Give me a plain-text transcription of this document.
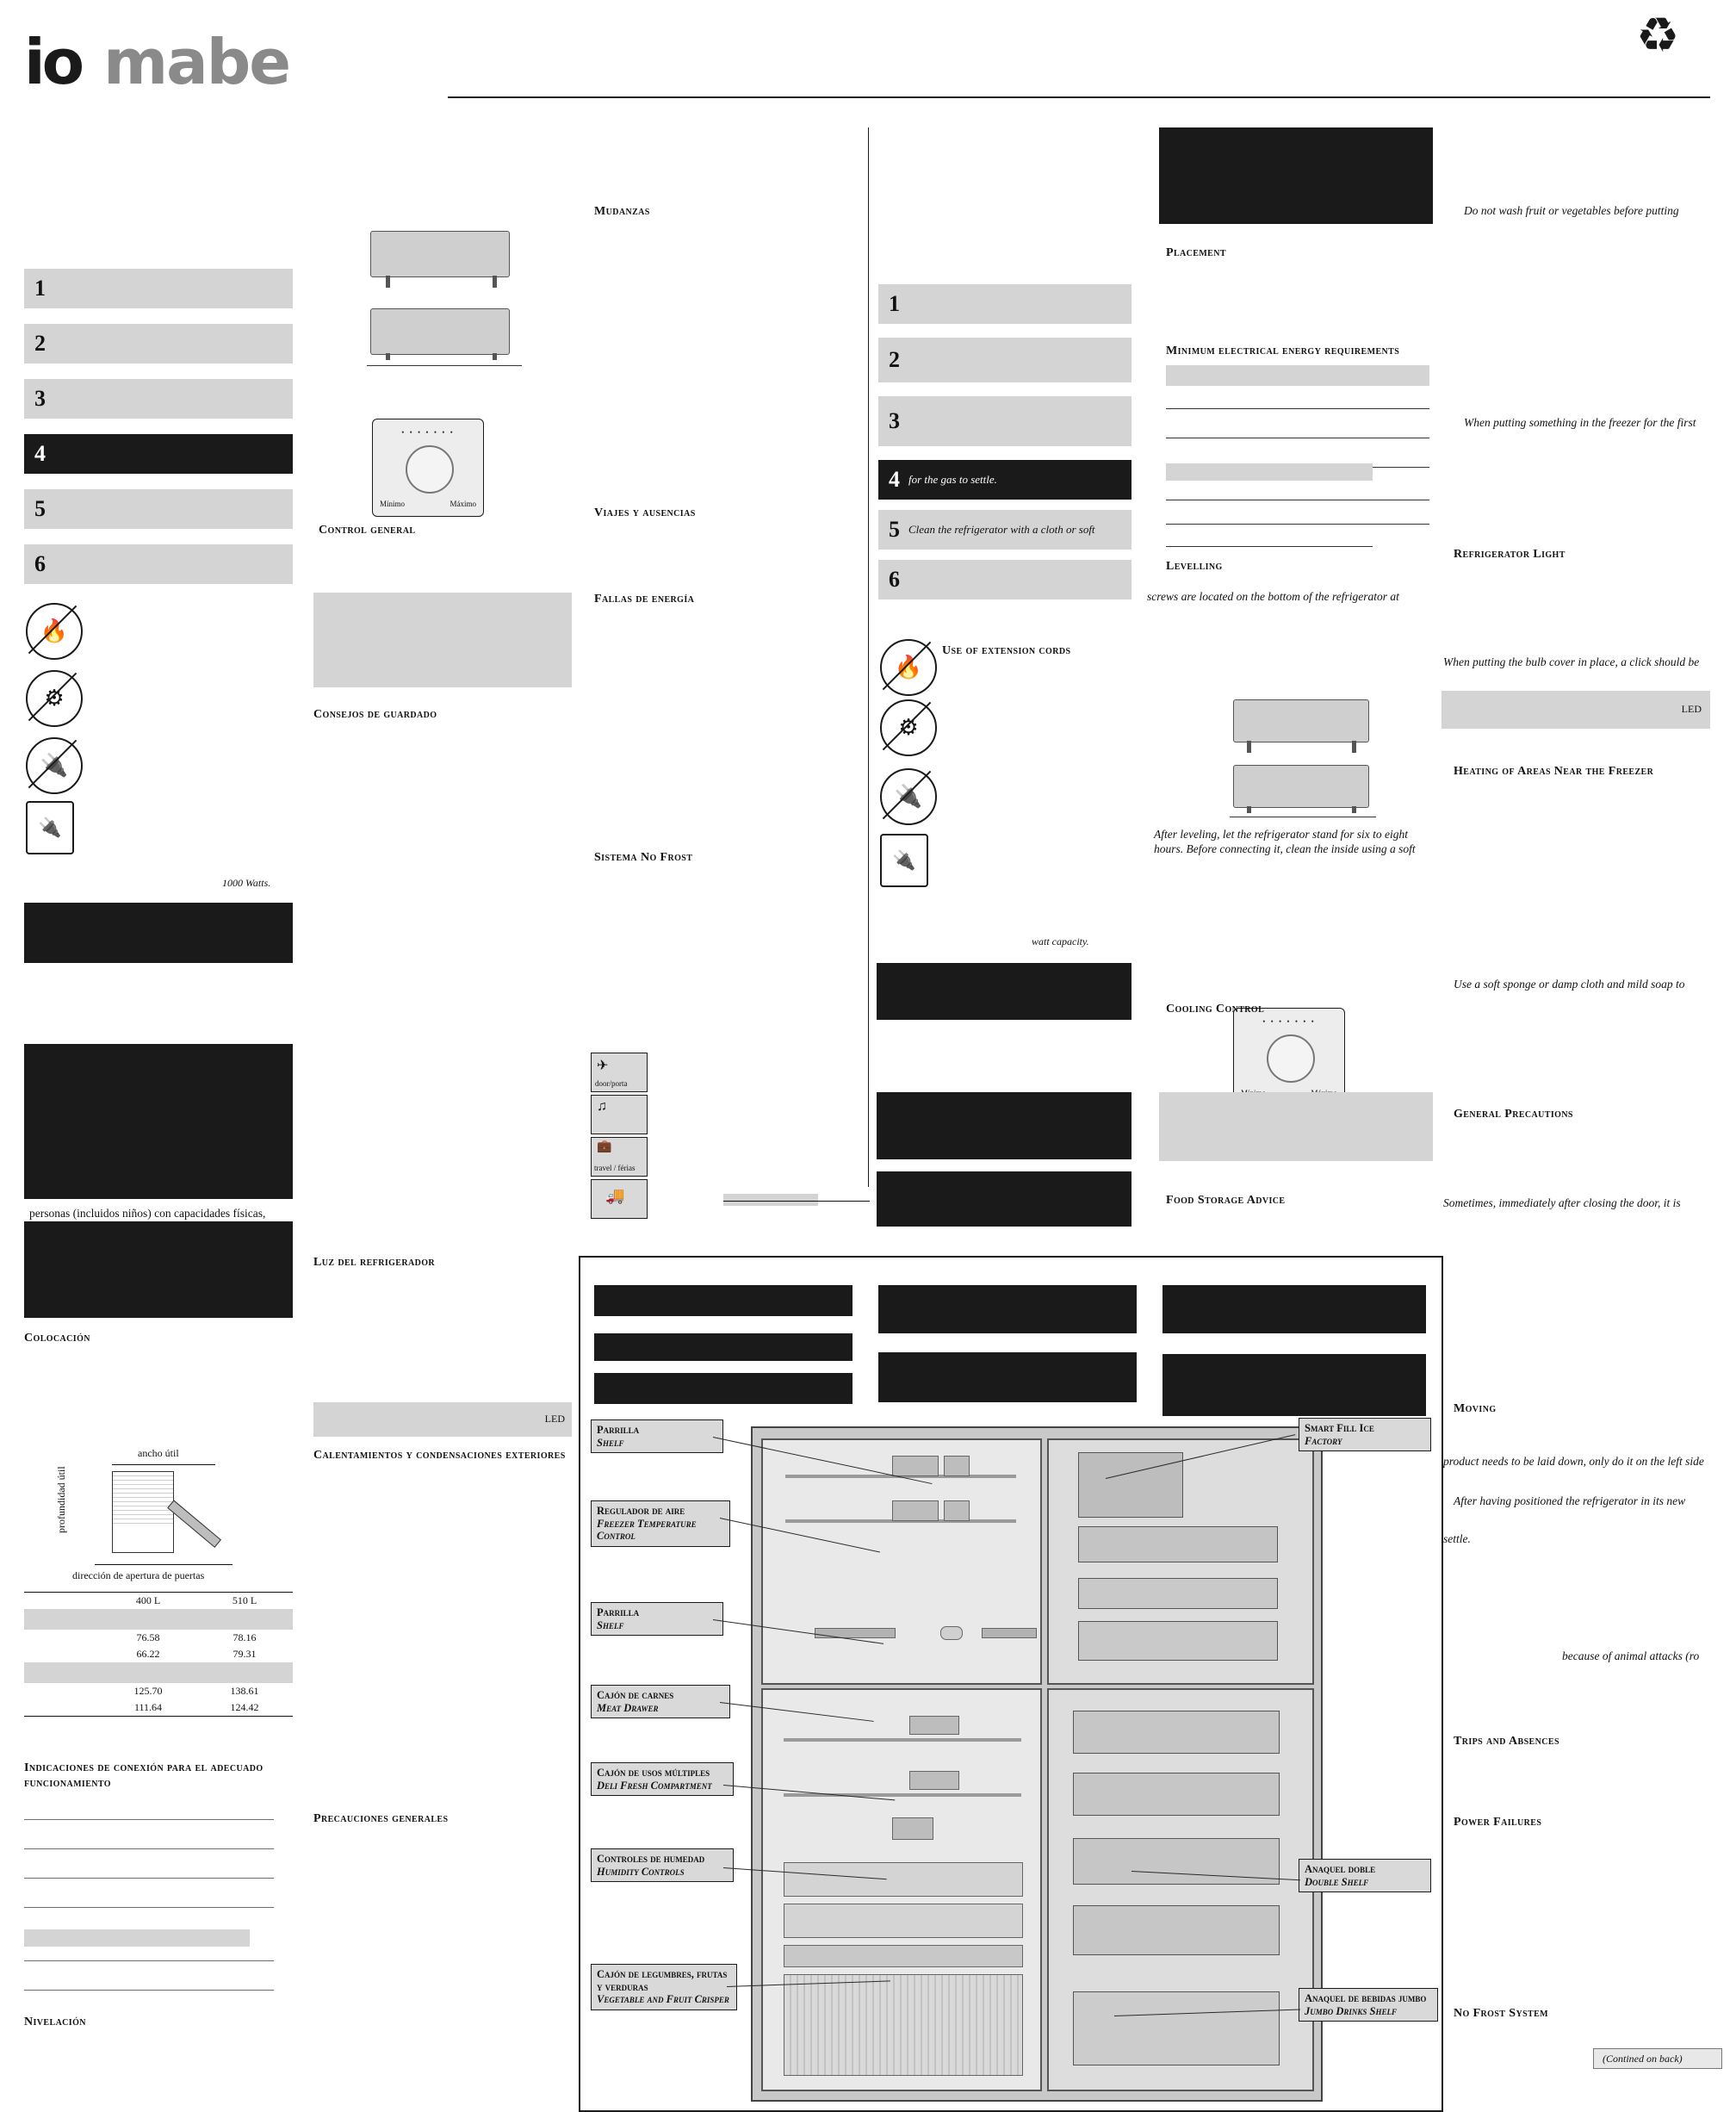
io mabe	♻
1
2
3
4
5
6
🔥
⚙
🔌
🔌
1000 Watts.
personas (incluidos niños) con capacidades físicas,
Colocación
ancho útil
profundidad útil
dirección de apertura de puertas
	400 L	510 L

	76.58	78.16
	66.22	79.31

	125.70	138.61
	111.64	124.42
Indicaciones de conexión para el adecuado funcionamiento
Nivelación
• • • • • • •
Mínimo	Máximo
Control general
Consejos de guardado
Luz del refrigerador
LED
Calentamientos y condensaciones exteriores
Precauciones generales
Mudanzas
Viajes y ausencias
Fallas de energía
Sistema No Frost
✈
door/porta
♫
💼
travel / férias
🚚
1
2
3
4 for the gas to settle.
5 Clean the refrigerator with a cloth or soft
6
🔥
Use of extension cords
⚙
🔌
🔌
watt capacity.
Placement
Minimum electrical energy requirements
Levelling
screws are located on the bottom of the refrigerator at
After leveling, let the refrigerator stand for six to eight hours. Before connecting it, clean the inside using a soft
• • • • • • •
Cooling Control
Food Storage Advice
Do not wash fruit or vegetables before putting
When putting something in the freezer for the first
Refrigerator Light
When putting the bulb cover in place, a click should be
LED
Heating of Areas Near the Freezer
Use a soft sponge or damp cloth and mild soap to
General Precautions
Sometimes, immediately after closing the door, it is
Moving
product needs to be laid down, only do it on the left side
After having positioned the refrigerator in its new
settle.
because of animal attacks (ro
Trips and Absences
Power Failures
No Frost System
(Contined on back)
Parrilla
Shelf
Regulador de aire
Freezer Temperature Control
Parrilla
Shelf
Cajón de carnes
Meat Drawer
Cajón de usos múltiples
Deli Fresh Compartment
Controles de humedad
Humidity Controls
Cajón de legumbres, frutas y verduras
Vegetable and Fruit Crisper
Smart Fill Ice
Factory
Anaquel doble
Double Shelf
Anaquel de bebidas jumbo
Jumbo Drinks Shelf
